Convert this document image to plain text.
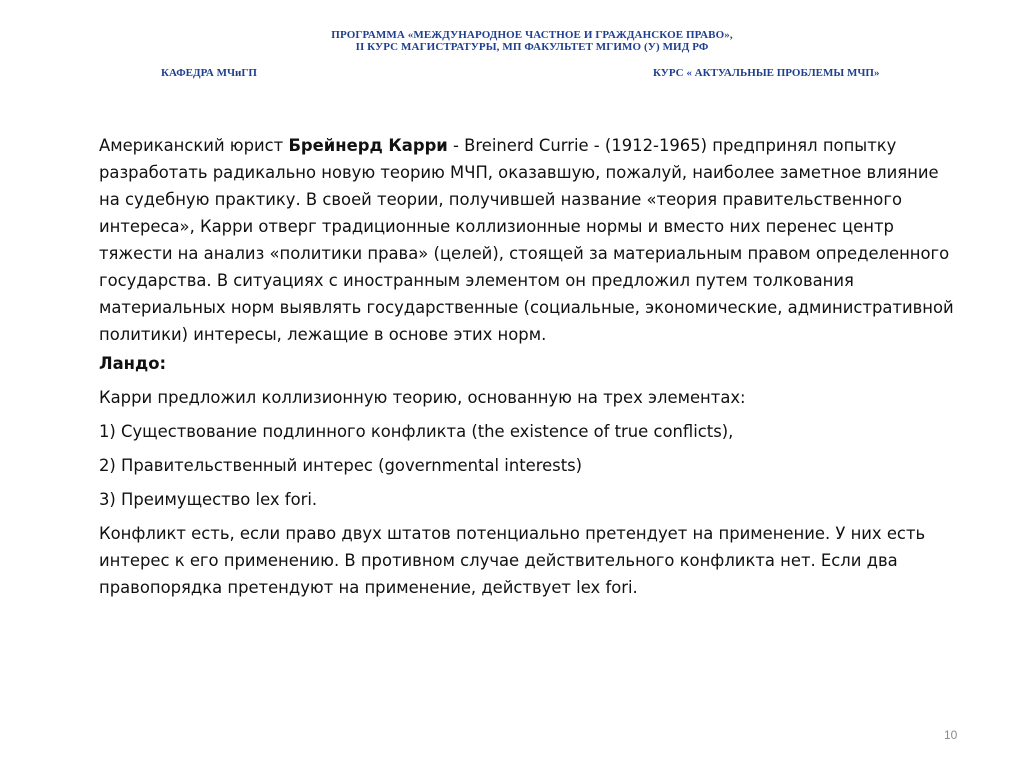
ПРОГРАММА «МЕЖДУНАРОДНОЕ ЧАСТНОЕ И ГРАЖДАНСКОЕ ПРАВО»,
II КУРС МАГИСТРАТУРЫ, МП ФАКУЛЬТЕТ МГИМО (У) МИД РФ
КАФЕДРА МЧиГП	КУРС « АКТУАЛЬНЫЕ ПРОБЛЕМЫ МЧП»

Американский юрист Брейнерд Карри - Breinerd Currie - (1912-1965) предпринял попытку разработать радикально новую теорию МЧП, оказавшую, пожалуй, наиболее заметное влияние на судебную практику. В своей теории, получившей название «теория правительственного интереса», Карри отверг традиционные коллизионные нормы и вместо них перенес центр тяжести на анализ «политики права» (целей), стоящей за материальным правом определенного государства. В ситуациях с иностранным элементом он предложил путем толкования материальных норм выявлять государственные (социальные, экономические, административной политики) интересы, лежащие в основе этих норм.

Ландо:

Карри предложил коллизионную теорию, основанную на трех элементах:

1) Существование подлинного конфликта (the existence of true conflicts),

2) Правительственный интерес (governmental interests)

3) Преимущество lex fori.

Конфликт есть, если право двух штатов потенциально претендует на применение. У них есть интерес к его применению. В противном случае действительного конфликта нет. Если два правопорядка претендуют на применение, действует lex fori.

10
